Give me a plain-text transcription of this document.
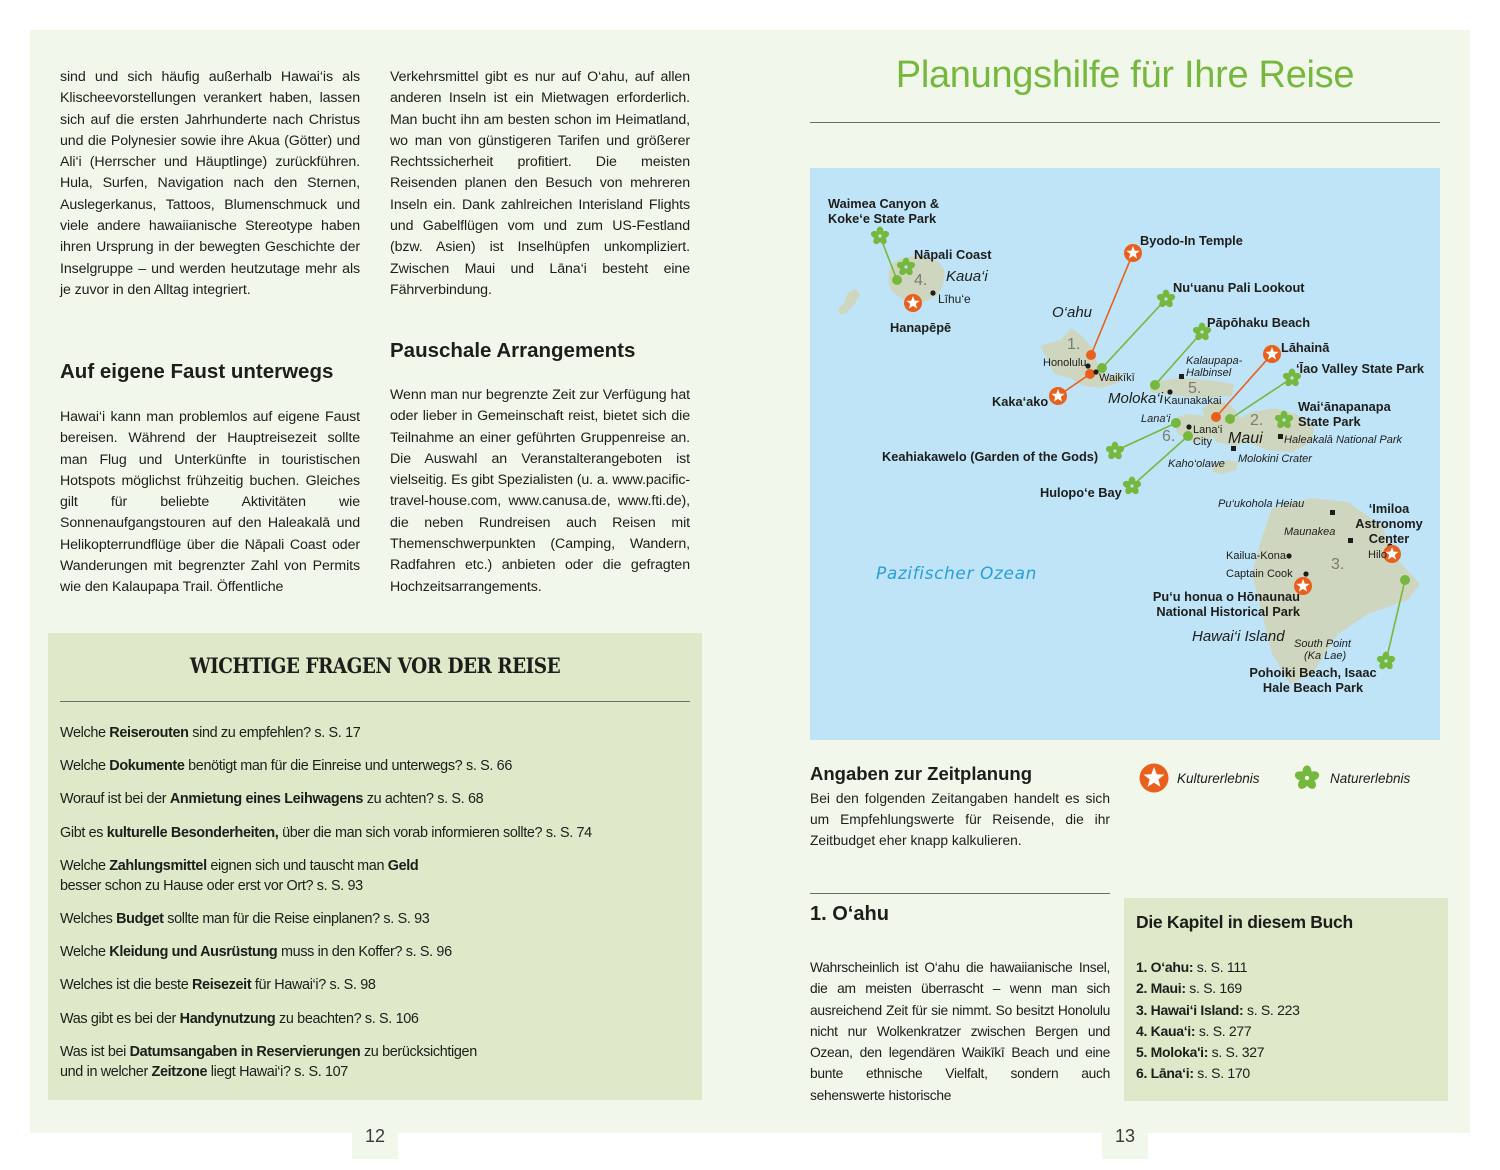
sind und sich häufig außerhalb Hawai‘is als Klischeevorstellungen verankert haben, lassen sich auf die ersten Jahrhunderte nach Christus und die Polynesier sowie ihre Akua (Götter) und Ali‘i (Herrscher und Häuptlinge) zurückführen. Hula, Surfen, Navigation nach den Sternen, Auslegerkanus, Tattoos, Blumenschmuck und viele andere hawaiianische Stereotype haben ihren Ursprung in der bewegten Geschichte der Inselgruppe – und werden heutzutage mehr als je zuvor in den Alltag integriert.

Auf eigene Faust unterwegs

Hawai‘i kann man problemlos auf eigene Faust bereisen. Während der Hauptreisezeit sollte man Flug und Unterkünfte in touristischen Hotspots möglichst frühzeitig buchen. Gleiches gilt für beliebte Aktivitäten wie Sonnenaufgangstouren auf den Haleakalā und Helikopterrundflüge über die Nāpali Coast oder Wanderungen mit begrenzter Zahl von Permits wie den Kalaupapa Trail. Öffentliche

Verkehrsmittel gibt es nur auf O‘ahu, auf allen anderen Inseln ist ein Mietwagen erforderlich. Man bucht ihn am besten schon im Heimatland, wo man von günstigeren Tarifen und größerer Rechtssicherheit profitiert. Die meisten Reisenden planen den Besuch von mehreren Inseln ein. Dank zahlreichen Interisland Flights und Gabelflügen vom und zum US-Festland (bzw. Asien) ist Inselhüpfen unkompliziert. Zwischen Maui und Lāna‘i besteht eine Fährverbindung.

Pauschale Arrangements

Wenn man nur begrenzte Zeit zur Verfügung hat oder lieber in Gemeinschaft reist, bietet sich die Teilnahme an einer geführten Gruppenreise an. Die Auswahl an Veranstalterangeboten ist vielseitig. Es gibt Spezialisten (u. a. www.pacific-travel-house.com, www.canusa.de, www.fti.de), die neben Rundreisen auch Reisen mit Themenschwerpunkten (Camping, Wandern, Radfahren etc.) anbieten oder die gefragten Hochzeitsarrangements.

WICHTIGE FRAGEN VOR DER REISE
Welche Reiserouten sind zu empfehlen? s. S. 17
Welche Dokumente benötigt man für die Einreise und unterwegs? s. S. 66
Worauf ist bei der Anmietung eines Leihwagens zu achten? s. S. 68
Gibt es kulturelle Besonderheiten, über die man sich vorab informieren sollte? s. S. 74
Welche Zahlungsmittel eignen sich und tauscht man Geld
besser schon zu Hause oder erst vor Ort? s. S. 93
Welches Budget sollte man für die Reise einplanen? s. S. 93
Welche Kleidung und Ausrüstung muss in den Koffer? s. S. 96
Welches ist die beste Reisezeit für Hawai‘i? s. S. 98
Was gibt es bei der Handynutzung zu beachten? s. S. 106
Was ist bei Datumsangaben in Reservierungen zu berücksichtigen
und in welcher Zeitzone liegt Hawai‘i? s. S. 107
12
Planungshilfe für Ihre Reise
Pazifischer Ozean
Kaua‘i
O‘ahu
Moloka‘i
Lana‘i
Maui
Kaho‘olawe
Hawai‘i Island
1.
2.
3.
4.
5.
6.
Līhu‘e
Honolulu
Waikīkī
Kaunakakai
Lana‘i City
Kailua-Kona
Captain Cook
Hilo
Kalaupapa-Halbinsel
Haleakalā National Park
Molokini Crater
Pu‘ukohola Heiau
Maunakea
South Point
(Ka Lae)
Hanapēpē
Byodo-In Temple
Kaka‘ako
Lāhainā
‘Imiloa Astronomy Center
Pu‘u honua o Hōnaunau National Historical Park
Waimea Canyon & Koke‘e State Park
Nāpali Coast
Nu‘uanu Pali Lookout
Pāpōhaku Beach
‘Īao Valley State Park
Wai‘ānapanapa State Park
Keahiakawelo (Garden of the Gods)
Hulopo‘e Bay
Pohoiki Beach, Isaac Hale Beach Park
Angaben zur Zeitplanung
Bei den folgenden Zeitangaben handelt es sich um Empfehlungswerte für Reisende, die ihr Zeitbudget eher knapp kalkulieren.
Kulturerlebnis	Naturerlebnis
1. O‘ahu
Wahrscheinlich ist O‘ahu die hawaiianische Insel, die am meisten überrascht – wenn man sich ausreichend Zeit für sie nimmt. So besitzt Honolulu nicht nur Wolkenkratzer zwischen Bergen und Ozean, den legendären Waikīkī Beach und eine bunte ethnische Vielfalt, sondern auch sehenswerte historische
Die Kapitel in diesem Buch
1. O‘ahu: s. S. 111
2. Maui: s. S. 169
3. Hawai‘i Island: s. S. 223
4. Kaua‘i: s. S. 277
5. Moloka'i: s. S. 327
6. Lāna‘i: s. S. 170
13
